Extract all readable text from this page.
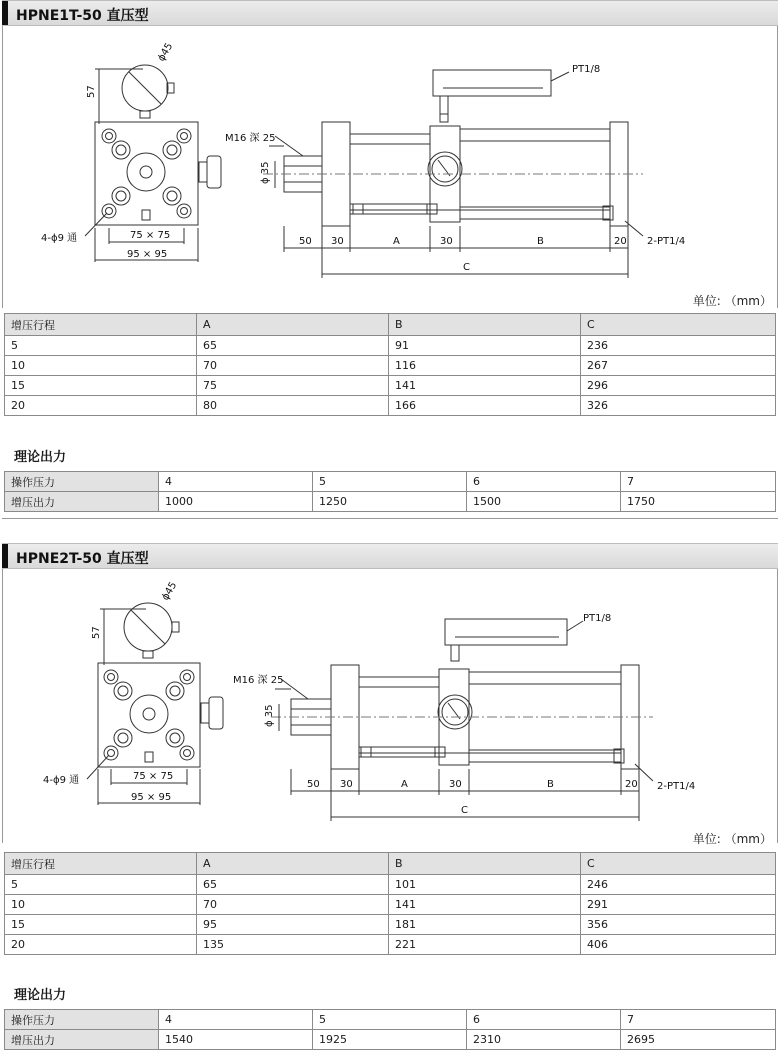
HPNE1T-50 直压型
57
ϕ45
4-ϕ9 通	75 × 75
95 × 95
M16 深 25
ϕ 35
PT1/8
2-PT1/4
50 30	A	30	B	20
C
单位: （mm）
增压行程	A	B	C
5	65	91	236
10	70	116	267
15	75	141	296
20	80	166	326
理论出力
操作压力	4	5	6	7
增压出力	1000	1250	1500	1750
HPNE2T-50 直压型
57
ϕ45
4-ϕ9 通	75 × 75
95 × 95
M16 深 25
ϕ 35
PT1/8
2-PT1/4
50 30	A	30	B	20
C
单位: （mm）
增压行程	A	B	C
5	65	101	246
10	70	141	291
15	95	181	356
20	135	221	406
理论出力
操作压力	4	5	6	7
增压出力	1540	1925	2310	2695
